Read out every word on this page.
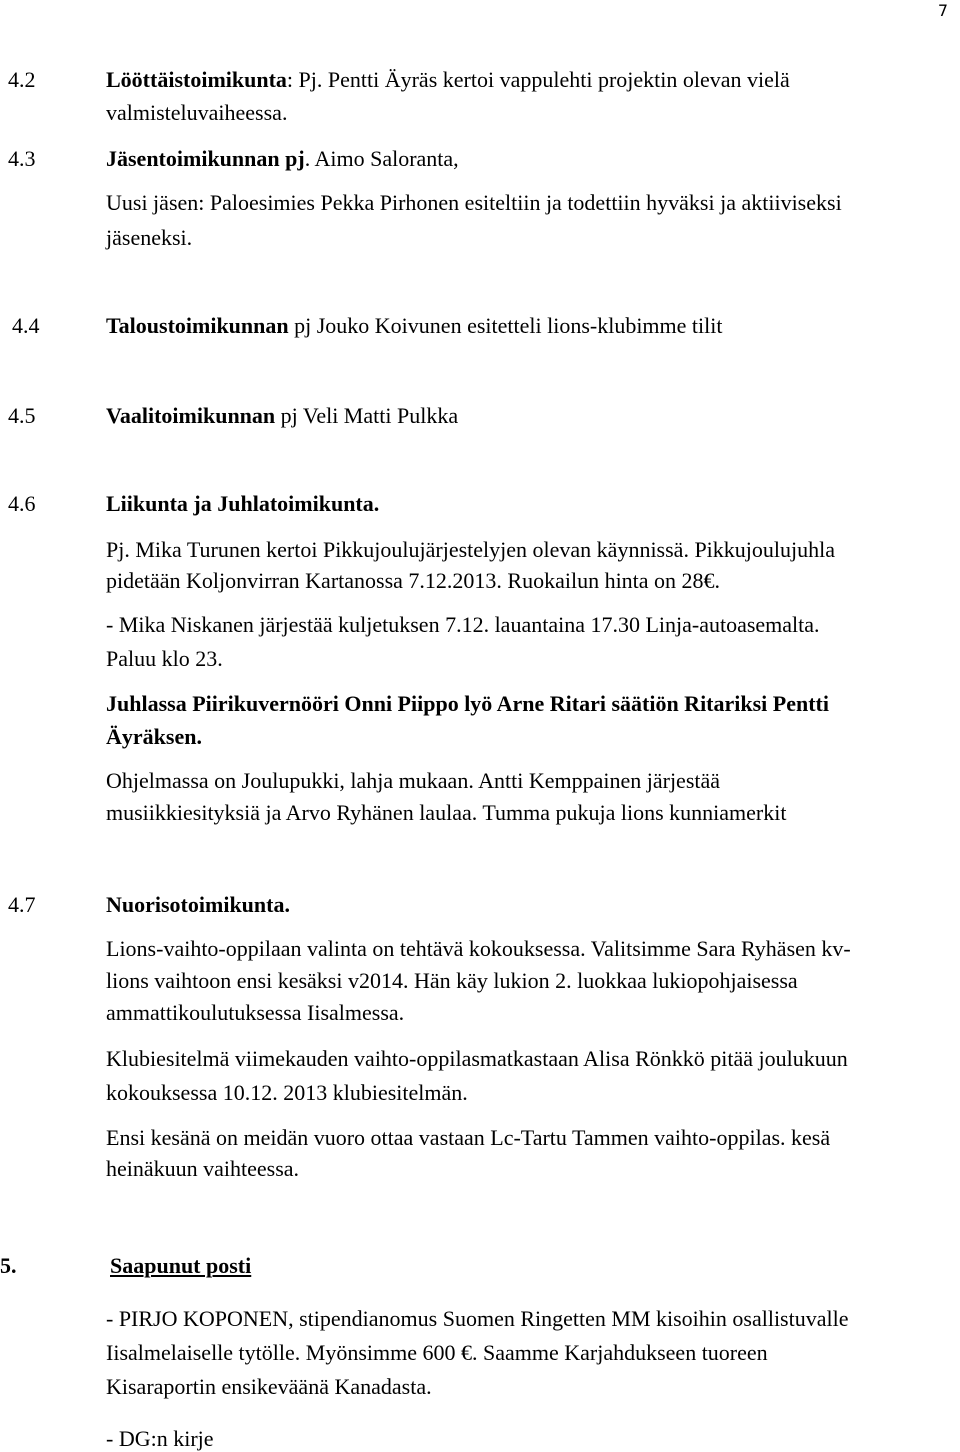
7
4.2	Lööttäistoimikunta: Pj. Pentti Äyräs kertoi vappulehti projektin olevan vielä
valmisteluvaiheessa.
4.3	Jäsentoimikunnan pj. Aimo Saloranta,
Uusi jäsen: Paloesimies Pekka Pirhonen esiteltiin ja todettiin hyväksi ja aktiiviseksi
jäseneksi.
4.4	Taloustoimikunnan pj Jouko Koivunen esitetteli lions-klubimme tilit
4.5	Vaalitoimikunnan pj Veli Matti Pulkka
4.6	Liikunta ja Juhlatoimikunta.
Pj. Mika Turunen kertoi Pikkujoulujärjestelyjen olevan käynnissä. Pikkujoulujuhla
pidetään Koljonvirran Kartanossa 7.12.2013. Ruokailun hinta on 28€.
- Mika Niskanen järjestää kuljetuksen 7.12. lauantaina 17.30 Linja-autoasemalta.
Paluu klo 23.
Juhlassa Piirikuvernööri Onni Piippo lyö Arne Ritari säätiön Ritariksi Pentti
Äyräksen.
Ohjelmassa on Joulupukki, lahja mukaan. Antti Kemppainen järjestää
musiikkiesityksiä ja Arvo Ryhänen laulaa. Tumma pukuja lions kunniamerkit
4.7	Nuorisotoimikunta.
Lions-vaihto-oppilaan valinta on tehtävä kokouksessa. Valitsimme Sara Ryhäsen kv-
lions vaihtoon ensi kesäksi v2014. Hän käy lukion 2. luokkaa lukiopohjaisessa
ammattikoulutuksessa Iisalmessa.
Klubiesitelmä viimekauden vaihto-oppilasmatkastaan Alisa Rönkkö pitää joulukuun
kokouksessa 10.12. 2013 klubiesitelmän.
Ensi kesänä on meidän vuoro ottaa vastaan Lc-Tartu Tammen vaihto-oppilas. kesä
heinäkuun vaihteessa.
5.	Saapunut posti
- PIRJO KOPONEN, stipendianomus Suomen Ringetten MM kisoihin osallistuvalle
Iisalmelaiselle tytölle. Myönsimme 600 €. Saamme Karjahdukseen tuoreen
Kisaraportin ensikeväänä Kanadasta.
- DG:n kirje
